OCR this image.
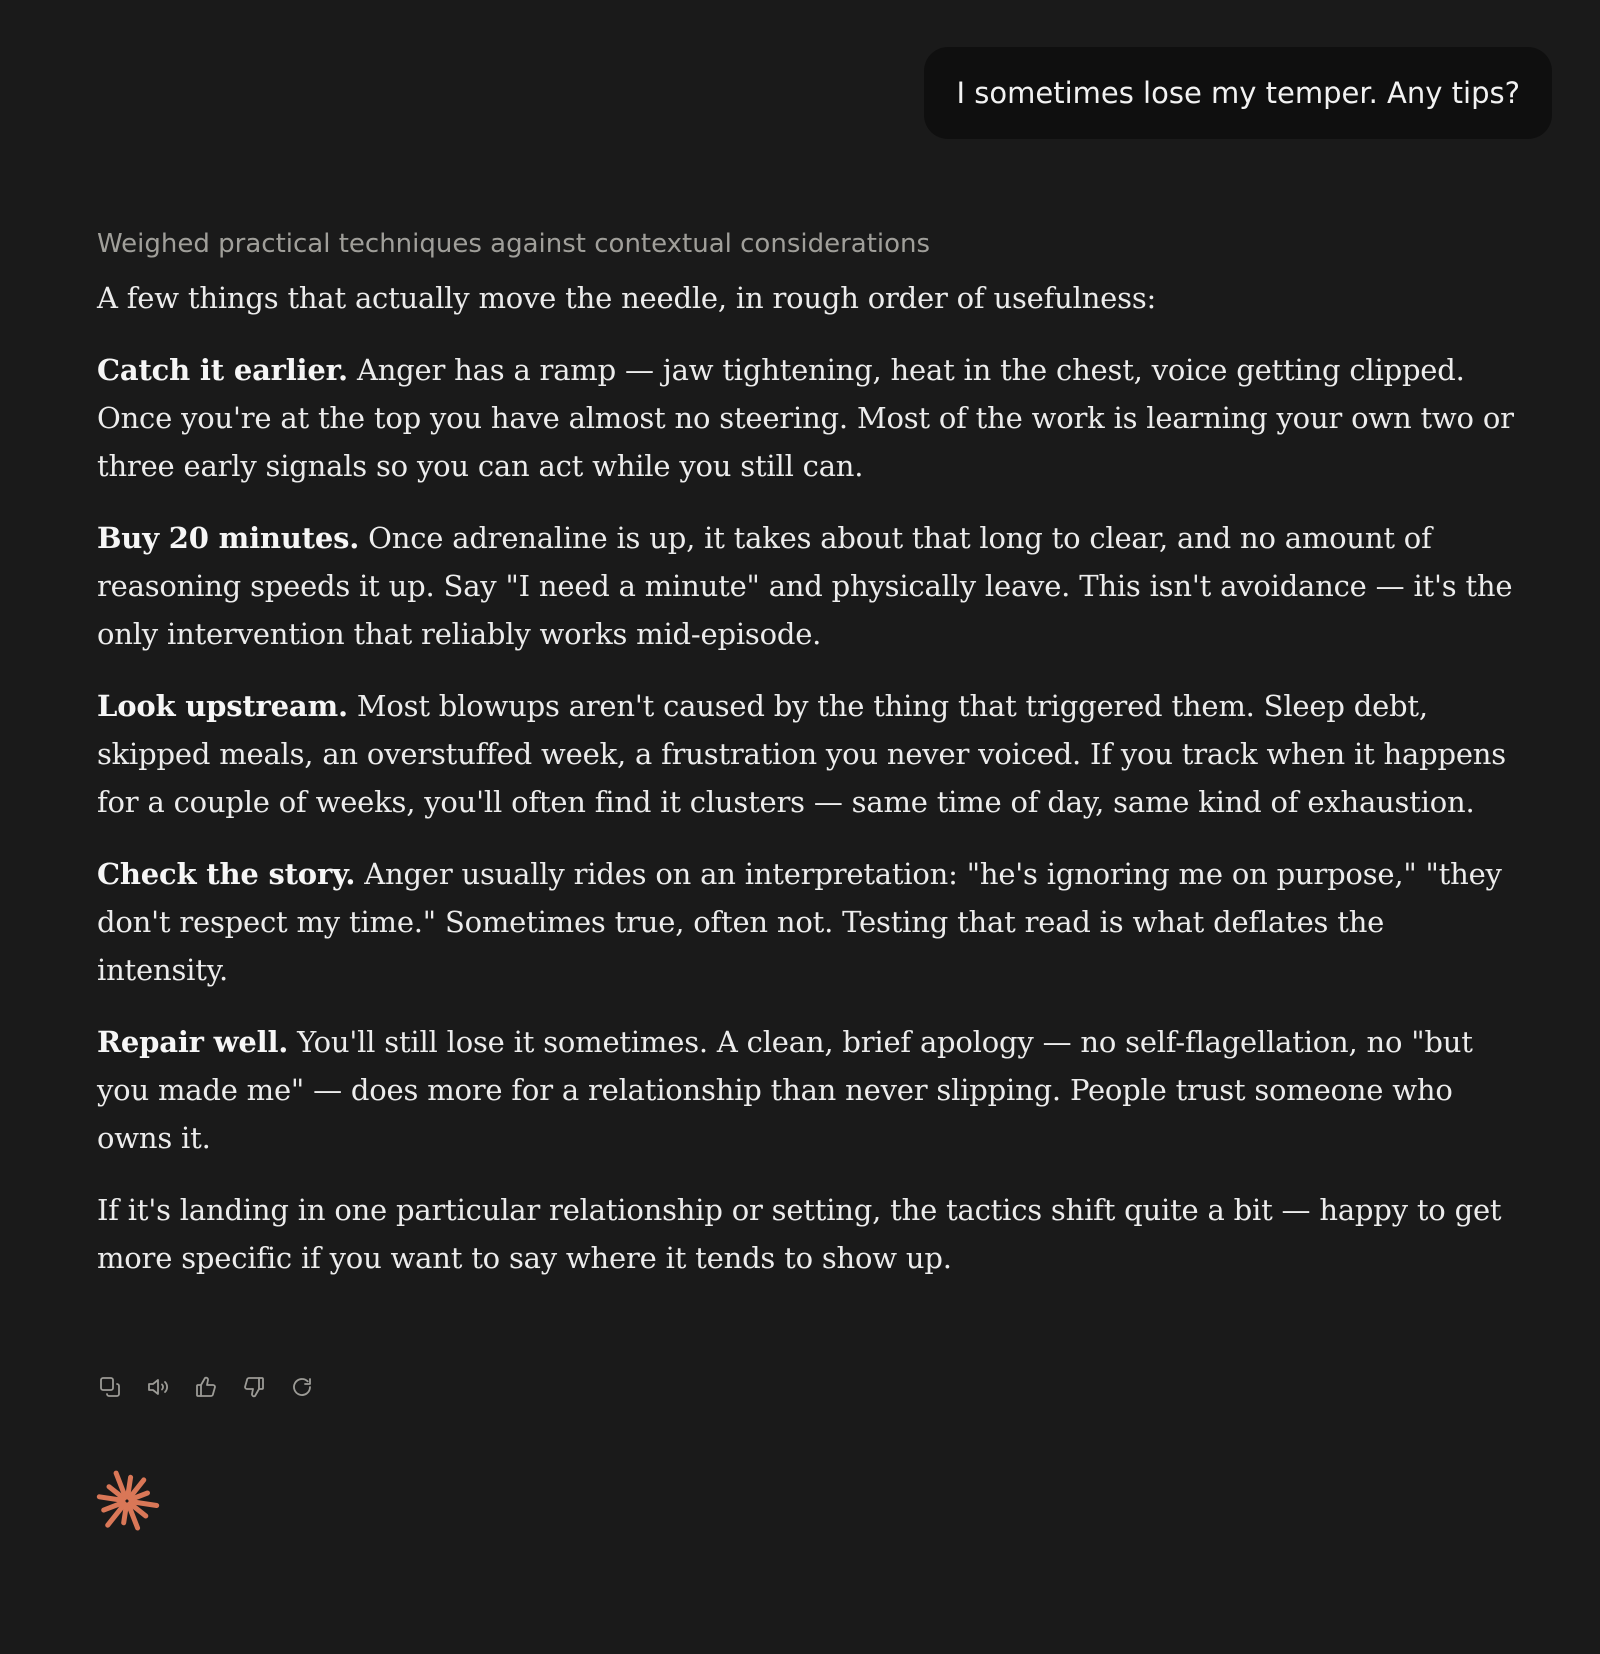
I sometimes lose my temper. Any tips?
Weighed practical techniques against contextual considerations

A few things that actually move the needle, in rough order of usefulness:

Catch it earlier. Anger has a ramp — jaw tightening, heat in the chest, voice getting clipped. Once you're at the top you have almost no steering. Most of the work is learning your own two or three early signals so you can act while you still can.

Buy 20 minutes. Once adrenaline is up, it takes about that long to clear, and no amount of reasoning speeds it up. Say "I need a minute" and physically leave. This isn't avoidance — it's the only intervention that reliably works mid-episode.

Look upstream. Most blowups aren't caused by the thing that triggered them. Sleep debt, skipped meals, an overstuffed week, a frustration you never voiced. If you track when it happens for a couple of weeks, you'll often find it clusters — same time of day, same kind of exhaustion.

Check the story. Anger usually rides on an interpretation: "he's ignoring me on purpose," "they don't respect my time." Sometimes true, often not. Testing that read is what deflates the intensity.

Repair well. You'll still lose it sometimes. A clean, brief apology — no self-flagellation, no "but you made me" — does more for a relationship than never slipping. People trust someone who owns it.

If it's landing in one particular relationship or setting, the tactics shift quite a bit — happy to get more specific if you want to say where it tends to show up.
